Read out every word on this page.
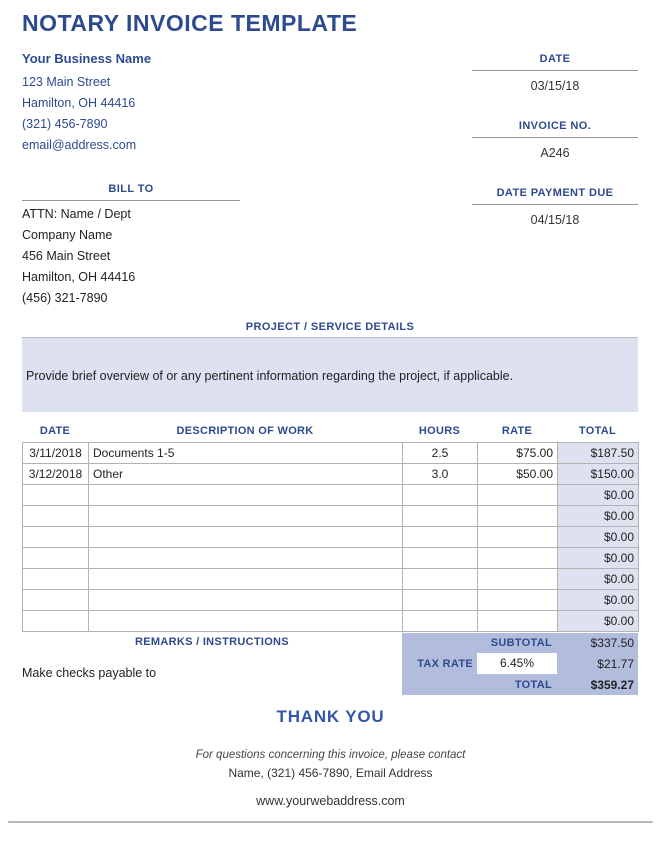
NOTARY INVOICE TEMPLATE
Your Business Name
123 Main Street
Hamilton, OH 44416
(321) 456-7890
email@address.com
DATE
03/15/18
INVOICE NO.
A246
DATE PAYMENT DUE
04/15/18
BILL TO
ATTN: Name / Dept
Company Name
456 Main Street
Hamilton, OH 44416
(456) 321-7890
PROJECT / SERVICE DETAILS
Provide brief overview of or any pertinent information regarding the project, if applicable.
DATE	DESCRIPTION OF WORK	HOURS	RATE	TOTAL
3/11/2018	Documents 1-5	2.5	$75.00	$187.50
3/12/2018	Other	3.0	$50.00	$150.00
				$0.00
				$0.00
				$0.00
				$0.00
				$0.00
				$0.00
				$0.00
SUBTOTAL	$337.50
TAX RATE	6.45%	$21.77
TOTAL	$359.27
REMARKS / INSTRUCTIONS
Make checks payable to
THANK YOU
For questions concerning this invoice, please contact
Name, (321) 456-7890, Email Address
www.yourwebaddress.com
